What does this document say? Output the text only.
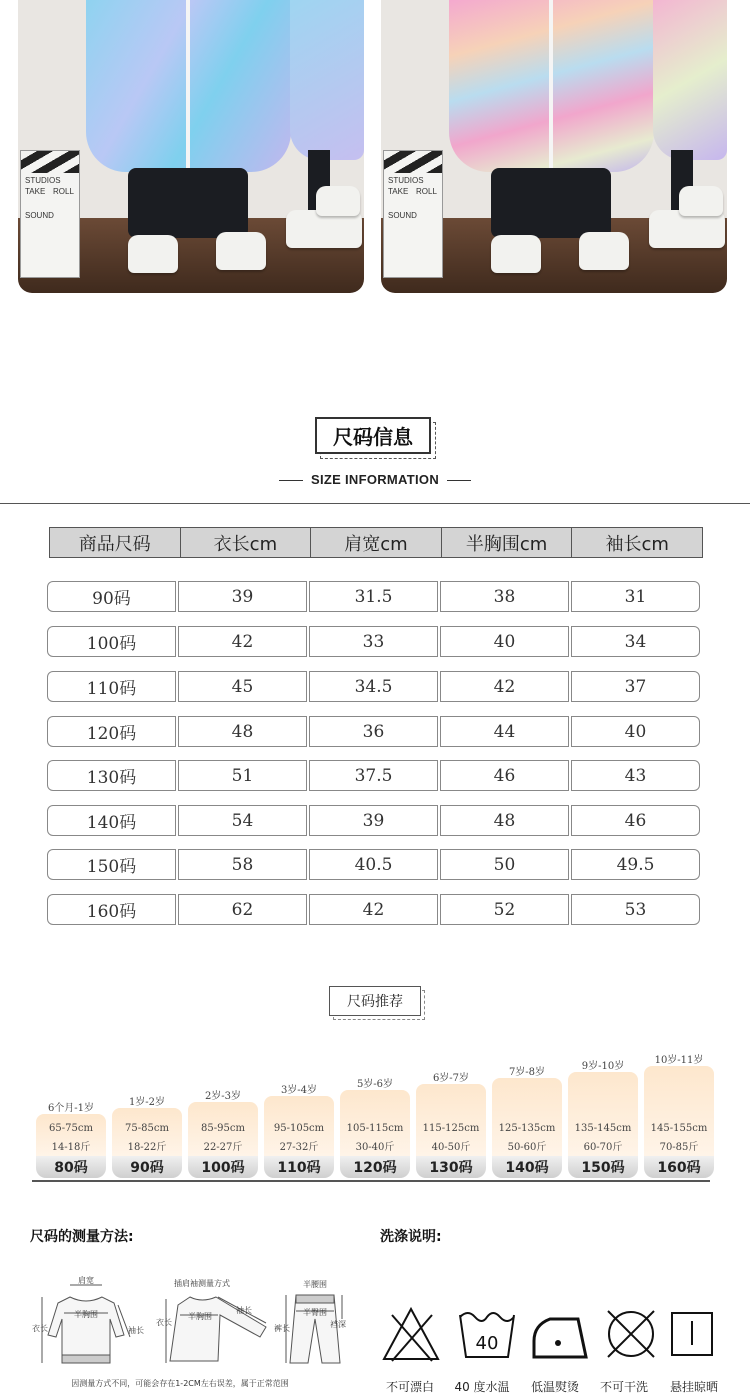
STUDIOS
TAKE ROLL
SOUND
STUDIOS
TAKE ROLL
SOUND
尺码信息
SIZE INFORMATION
商品尺码	衣长cm	肩宽cm	半胸围cm	袖长cm
90码	39	31.5	38	31
100码	42	33	40	34
110码	45	34.5	42	37
120码	48	36	44	40
130码	51	37.5	46	43
140码	54	39	48	46
150码	58	40.5	50	49.5
160码	62	42	52	53
尺码推荐
6个月-1岁
65-75cm
14-18斤
80码
1岁-2岁
75-85cm
18-22斤
90码
2岁-3岁
85-95cm
22-27斤
100码
3岁-4岁
95-105cm
27-32斤
110码
5岁-6岁
105-115cm
30-40斤
120码
6岁-7岁
115-125cm
40-50斤
130码
7岁-8岁
125-135cm
50-60斤
140码
9岁-10岁
135-145cm
60-70斤
150码
10岁-11岁
145-155cm
70-85斤
160码
尺码的测量方法:
肩宽
半胸围
衣长	袖长
插肩袖测量方式
半胸围
衣长
袖长
半腰围
半臀围
裤长	裆深
因测量方式不同，可能会存在1-2CM左右误差，属于正常范围
洗涤说明:
40
不可漂白	40 度水温	低温熨烫	不可干洗	悬挂晾晒
